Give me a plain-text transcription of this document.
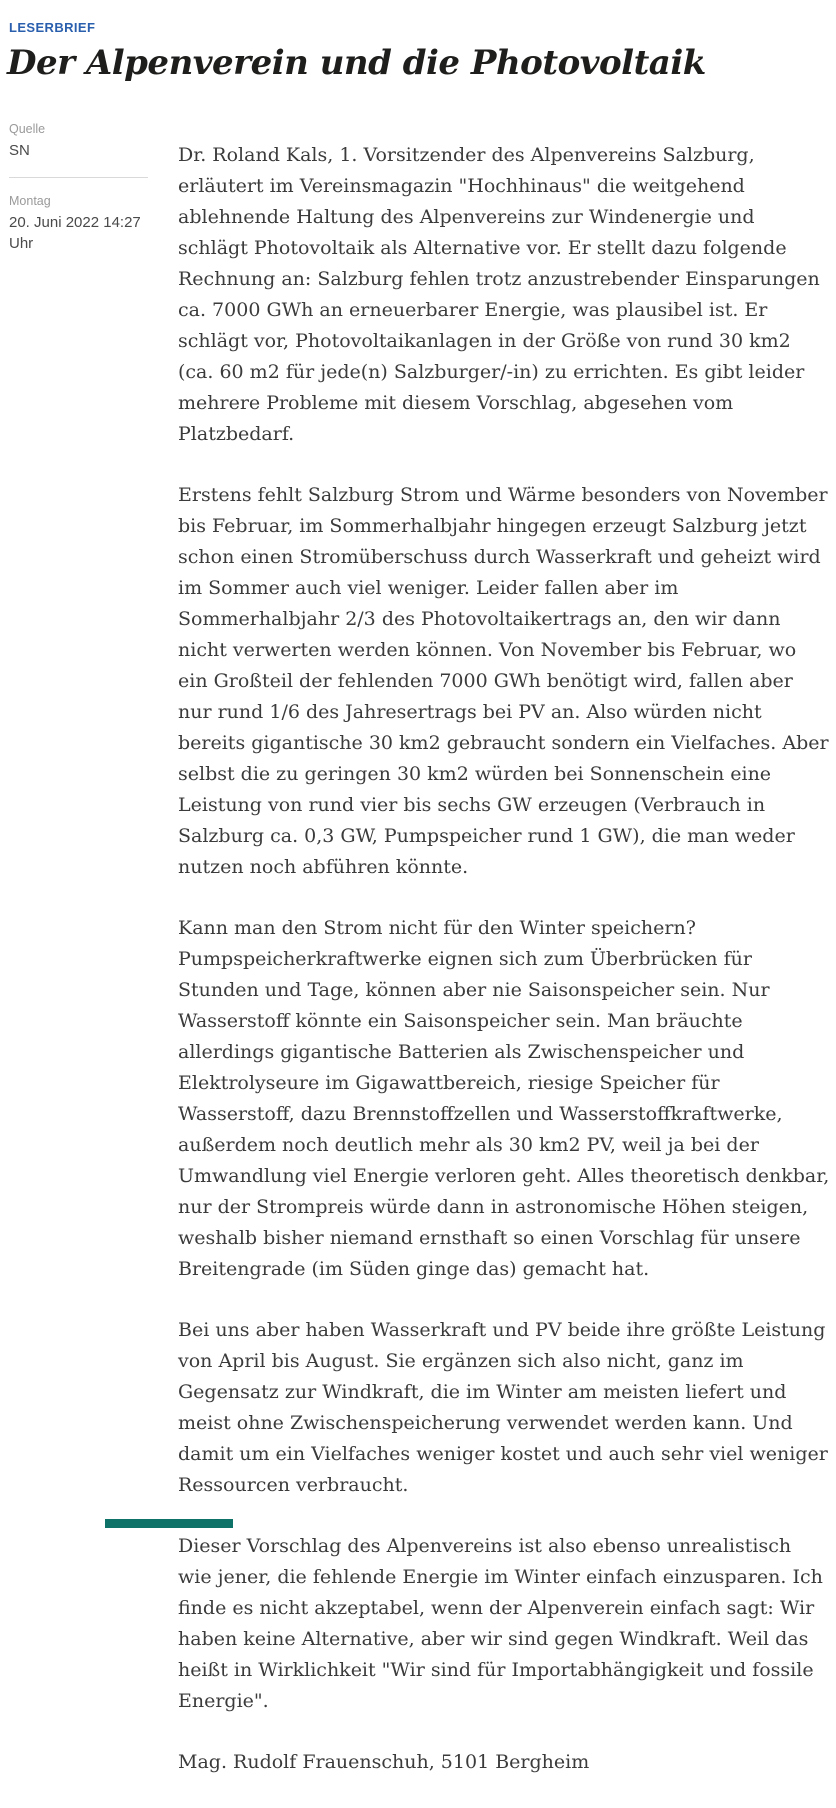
LESERBRIEF
Der Alpenverein und die Photovoltaik

Quelle

SN

Montag

20. Juni 2022 14:27 Uhr

Dr. Roland Kals, 1. Vorsitzender des Alpenvereins Salzburg, erläutert im Vereinsmagazin "Hochhinaus" die weitgehend ablehnende Haltung des Alpenvereins zur Windenergie und schlägt Photovoltaik als Alternative vor. Er stellt dazu folgende Rechnung an: Salzburg fehlen trotz anzustrebender Einsparungen ca. 7000 GWh an erneuerbarer Energie, was plausibel ist. Er schlägt vor, Photovoltaikanlagen in der Größe von rund 30 km2 (ca. 60 m2 für jede(n) Salzburger/-in) zu errichten. Es gibt leider mehrere Probleme mit diesem Vorschlag, abgesehen vom Platzbedarf.

Erstens fehlt Salzburg Strom und Wärme besonders von November bis Februar, im Sommerhalbjahr hingegen erzeugt Salzburg jetzt schon einen Stromüberschuss durch Wasserkraft und geheizt wird im Sommer auch viel weniger. Leider fallen aber im Sommerhalbjahr 2/3 des Photovoltaikertrags an, den wir dann nicht verwerten werden können. Von November bis Februar, wo ein Großteil der fehlenden 7000 GWh benötigt wird, fallen aber nur rund 1/6 des Jahresertrags bei PV an. Also würden nicht bereits gigantische 30 km2 gebraucht sondern ein Vielfaches. Aber selbst die zu geringen 30 km2 würden bei Sonnenschein eine Leistung von rund vier bis sechs GW erzeugen (Verbrauch in Salzburg ca. 0,3 GW, Pumpspeicher rund 1 GW), die man weder nutzen noch abführen könnte.

Kann man den Strom nicht für den Winter speichern? Pumpspeicherkraftwerke eignen sich zum Überbrücken für Stunden und Tage, können aber nie Saisonspeicher sein. Nur Wasserstoff könnte ein Saisonspeicher sein. Man bräuchte allerdings gigantische Batterien als Zwischenspeicher und Elektrolyseure im Gigawattbereich, riesige Speicher für Wasserstoff, dazu Brennstoffzellen und Wasserstoffkraftwerke, außerdem noch deutlich mehr als 30 km2 PV, weil ja bei der Umwandlung viel Energie verloren geht. Alles theoretisch denkbar, nur der Strompreis würde dann in astronomische Höhen steigen, weshalb bisher niemand ernsthaft so einen Vorschlag für unsere Breitengrade (im Süden ginge das) gemacht hat.

Bei uns aber haben Wasserkraft und PV beide ihre größte Leistung von April bis August. Sie ergänzen sich also nicht, ganz im Gegensatz zur Windkraft, die im Winter am meisten liefert und meist ohne Zwischenspeicherung verwendet werden kann. Und damit um ein Vielfaches weniger kostet und auch sehr viel weniger Ressourcen verbraucht.

Dieser Vorschlag des Alpenvereins ist also ebenso unrealistisch wie jener, die fehlende Energie im Winter einfach einzusparen. Ich finde es nicht akzeptabel, wenn der Alpenverein einfach sagt: Wir haben keine Alternative, aber wir sind gegen Windkraft. Weil das heißt in Wirklichkeit "Wir sind für Importabhängigkeit und fossile Energie".

Mag. Rudolf Frauenschuh, 5101 Bergheim
